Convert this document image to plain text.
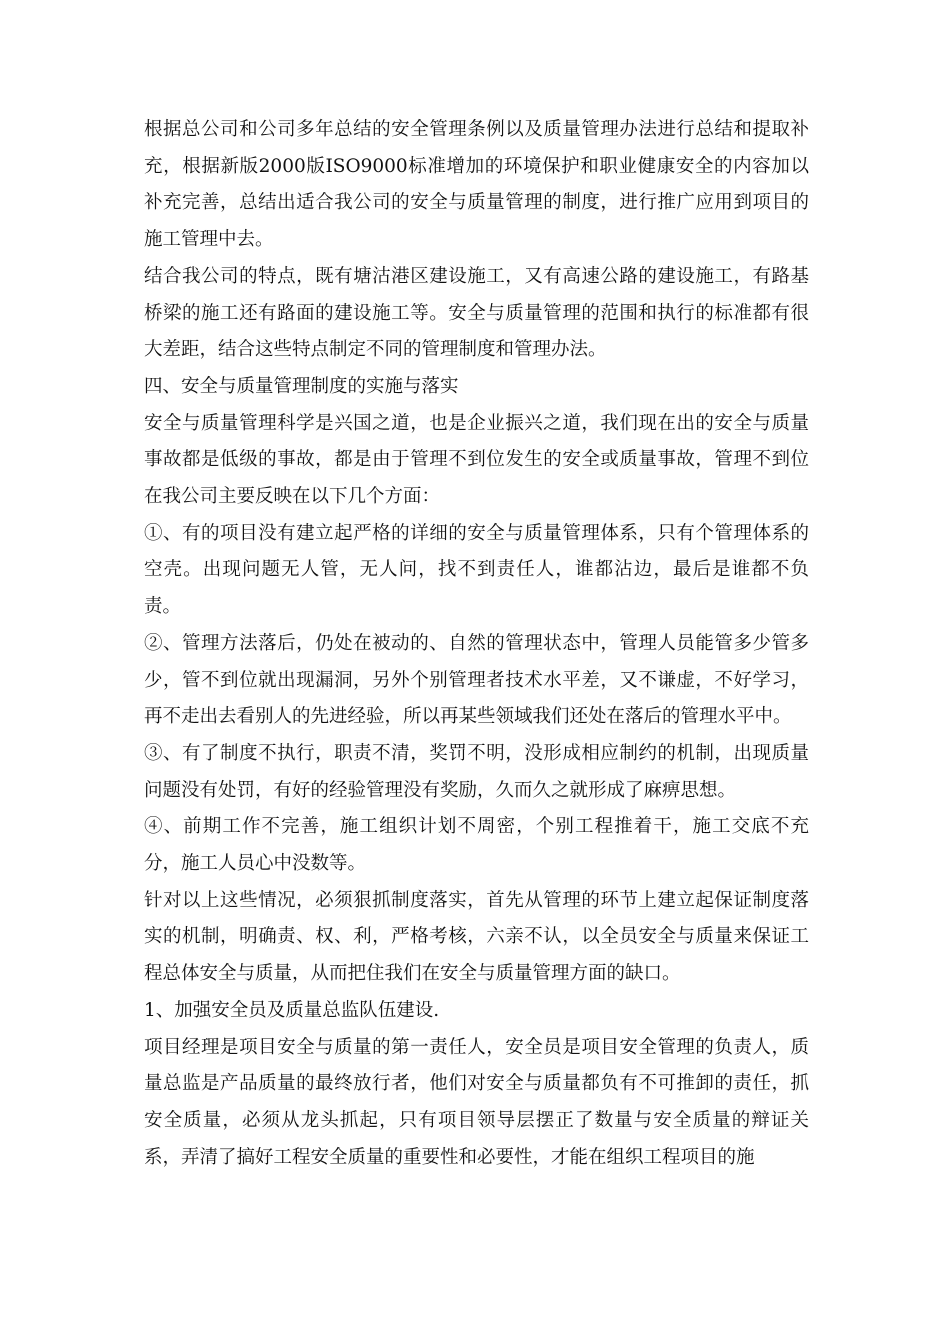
根据总公司和公司多年总结的安全管理条例以及质量管理办法进行总结和提取补充，根据新版2000版ISO9000标准增加的环境保护和职业健康安全的内容加以补充完善，总结出适合我公司的安全与质量管理的制度，进行推广应用到项目的施工管理中去。

结合我公司的特点，既有塘沽港区建设施工，又有高速公路的建设施工，有路基桥梁的施工还有路面的建设施工等。安全与质量管理的范围和执行的标准都有很大差距，结合这些特点制定不同的管理制度和管理办法。

四、安全与质量管理制度的实施与落实

安全与质量管理科学是兴国之道，也是企业振兴之道，我们现在出的安全与质量事故都是低级的事故，都是由于管理不到位发生的安全或质量事故，管理不到位在我公司主要反映在以下几个方面：

①、有的项目没有建立起严格的详细的安全与质量管理体系，只有个管理体系的空壳。出现问题无人管，无人问，找不到责任人，谁都沾边，最后是谁都不负责。

②、管理方法落后，仍处在被动的、自然的管理状态中，管理人员能管多少管多少，管不到位就出现漏洞，另外个别管理者技术水平差，又不谦虚，不好学习，再不走出去看别人的先进经验，所以再某些领域我们还处在落后的管理水平中。

③、有了制度不执行，职责不清，奖罚不明，没形成相应制约的机制，出现质量问题没有处罚，有好的经验管理没有奖励，久而久之就形成了麻痹思想。

④、前期工作不完善，施工组织计划不周密，个别工程推着干，施工交底不充分，施工人员心中没数等。

针对以上这些情况，必须狠抓制度落实，首先从管理的环节上建立起保证制度落实的机制，明确责、权、利，严格考核，六亲不认，以全员安全与质量来保证工程总体安全与质量，从而把住我们在安全与质量管理方面的缺口。

1、加强安全员及质量总监队伍建设.

项目经理是项目安全与质量的第一责任人，安全员是项目安全管理的负责人，质量总监是产品质量的最终放行者，他们对安全与质量都负有不可推卸的责任，抓安全质量，必须从龙头抓起，只有项目领导层摆正了数量与安全质量的辩证关系，弄清了搞好工程安全质量的重要性和必要性，才能在组织工程项目的施
